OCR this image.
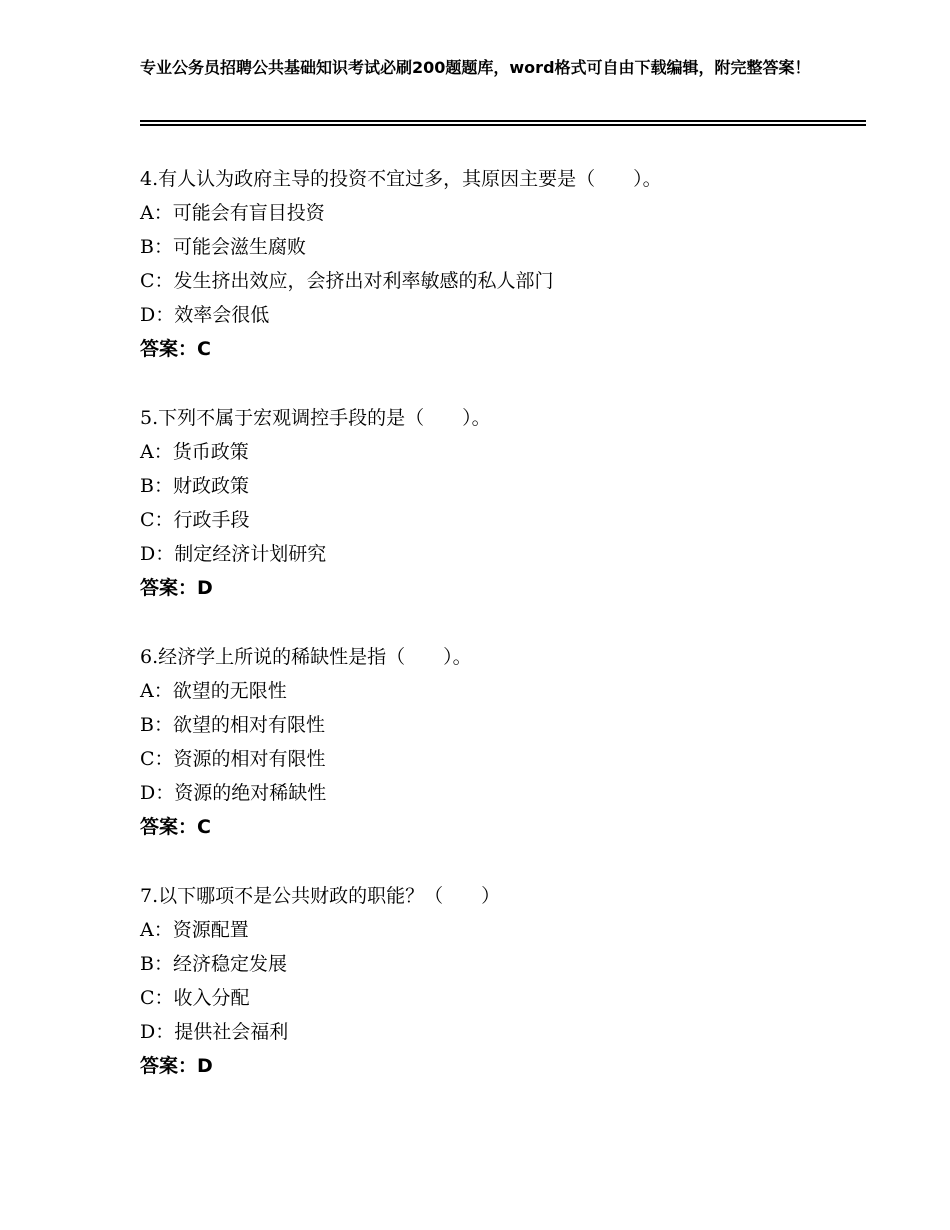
专业公务员招聘公共基础知识考试必刷200题题库，word格式可自由下载编辑，附完整答案！
4.有人认为政府主导的投资不宜过多，其原因主要是（　　）。
A：可能会有盲目投资
B：可能会滋生腐败
C：发生挤出效应，会挤出对利率敏感的私人部门
D：效率会很低
答案：C
5.下列不属于宏观调控手段的是（　　）。
A：货币政策
B：财政政策
C：行政手段
D：制定经济计划研究
答案：D
6.经济学上所说的稀缺性是指（　　）。
A：欲望的无限性
B：欲望的相对有限性
C：资源的相对有限性
D：资源的绝对稀缺性
答案：C
7.以下哪项不是公共财政的职能？（　　）
A：资源配置
B：经济稳定发展
C：收入分配
D：提供社会福利
答案：D
